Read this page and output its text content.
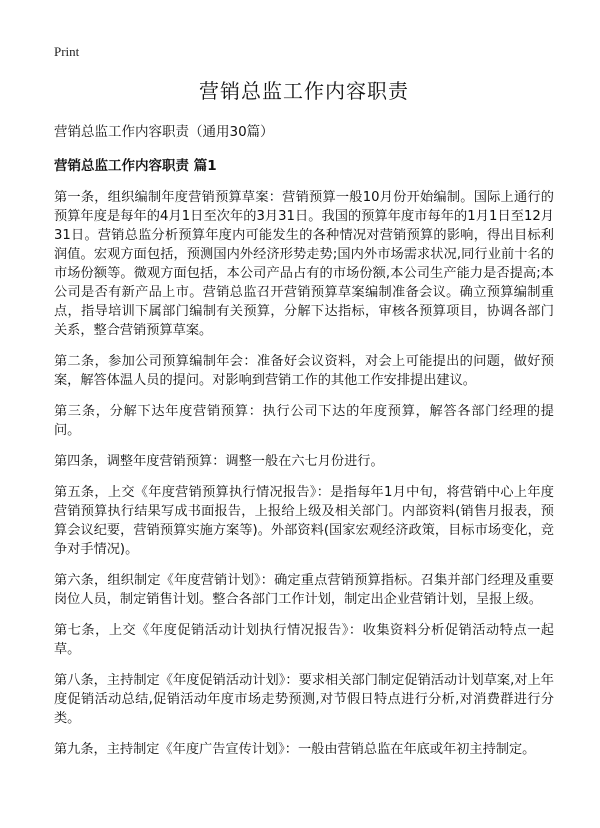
Print
营销总监工作内容职责

营销总监工作内容职责（通用30篇）

营销总监工作内容职责 篇1

第一条，组织编制年度营销预算草案：营销预算一般10月份开始编制。国际上通行的预算年度是每年的4月1日至次年的3月31日。我国的预算年度市每年的1月1日至12月31日。营销总监分析预算年度内可能发生的各种情况对营销预算的影响，得出目标利润值。宏观方面包括，预测国内外经济形势走势;国内外市场需求状况,同行业前十名的市场份额等。微观方面包括，本公司产品占有的市场份额,本公司生产能力是否提高;本公司是否有新产品上市。营销总监召开营销预算草案编制准备会议。确立预算编制重点，指导培训下属部门编制有关预算，分解下达指标，审核各预算项目，协调各部门关系，整合营销预算草案。

第二条，参加公司预算编制年会：准备好会议资料，对会上可能提出的问题，做好预案，解答体温人员的提问。对影响到营销工作的其他工作安排提出建议。

第三条，分解下达年度营销预算：执行公司下达的年度预算，解答各部门经理的提问。

第四条，调整年度营销预算：调整一般在六七月份进行。

第五条，上交《年度营销预算执行情况报告》：是指每年1月中旬，将营销中心上年度营销预算执行结果写成书面报告，上报给上级及相关部门。内部资料(销售月报表，预算会议纪要，营销预算实施方案等)。外部资料(国家宏观经济政策，目标市场变化，竞争对手情况)。

第六条，组织制定《年度营销计划》：确定重点营销预算指标。召集并部门经理及重要岗位人员，制定销售计划。整合各部门工作计划，制定出企业营销计划，呈报上级。

第七条，上交《年度促销活动计划执行情况报告》：收集资料分析促销活动特点一起草。

第八条，主持制定《年度促销活动计划》：要求相关部门制定促销活动计划草案,对上年度促销活动总结,促销活动年度市场走势预测,对节假日特点进行分析,对消费群进行分类。

第九条，主持制定《年度广告宣传计划》：一般由营销总监在年底或年初主持制定。
